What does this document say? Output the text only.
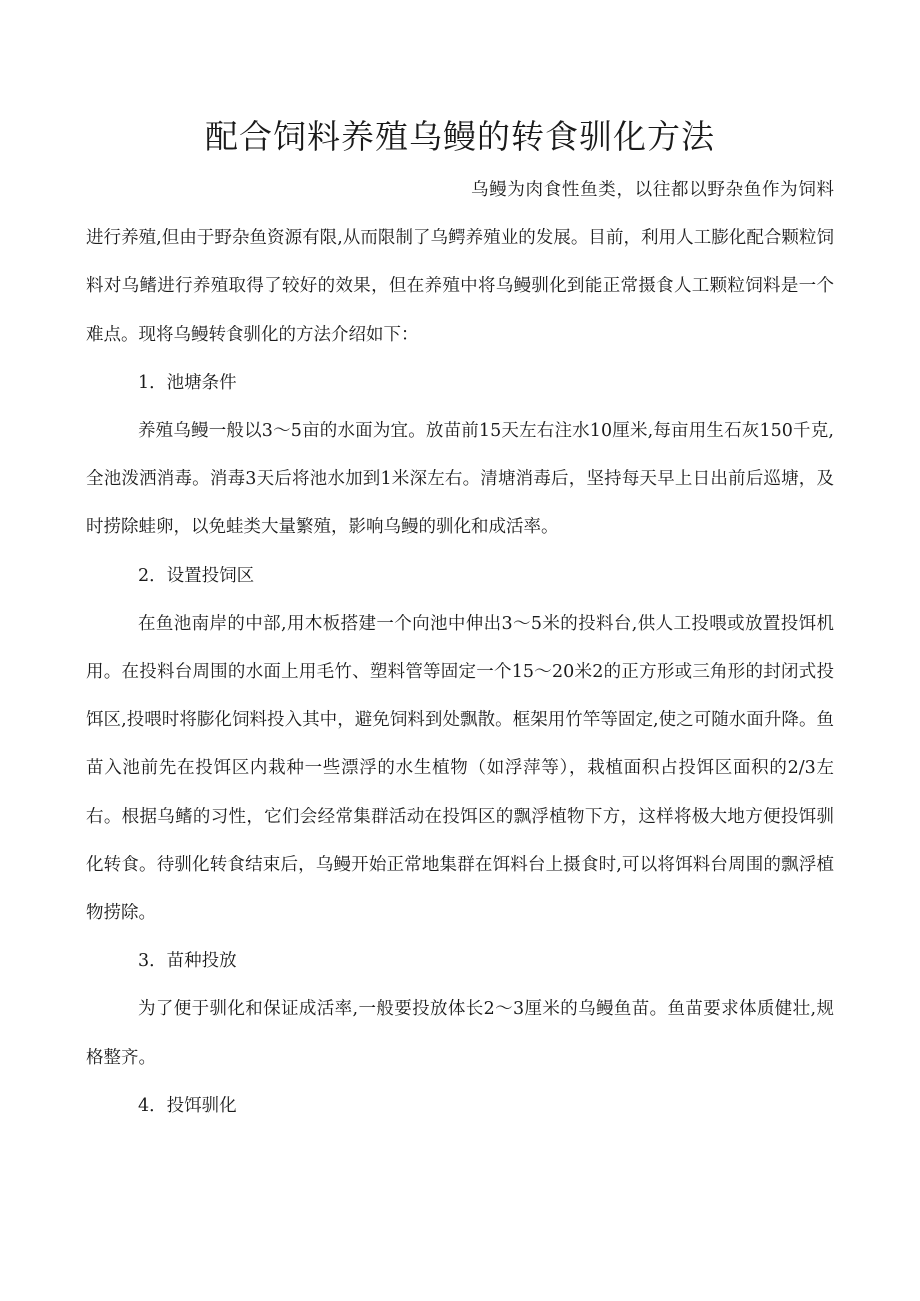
配合饲料养殖乌鳗的转食驯化方法

乌鳗为肉食性鱼类，以往都以野杂鱼作为饲料进行养殖,但由于野杂鱼资源有限,从而限制了乌鳄养殖业的发展。目前，利用人工膨化配合颗粒饲料对乌鳍进行养殖取得了较好的效果，但在养殖中将乌鳗驯化到能正常摄食人工颗粒饲料是一个难点。现将乌鳗转食驯化的方法介绍如下：

1．池塘条件

养殖乌鳗一般以3～5亩的水面为宜。放苗前15天左右注水10厘米,每亩用生石灰150千克,全池泼洒消毒。消毒3天后将池水加到1米深左右。清塘消毒后，坚持每天早上日出前后巡塘，及时捞除蛙卵，以免蛙类大量繁殖，影响乌鳗的驯化和成活率。

2．设置投饲区

在鱼池南岸的中部,用木板搭建一个向池中伸出3～5米的投料台,供人工投喂或放置投饵机用。在投料台周围的水面上用毛竹、塑料管等固定一个15～20米2的正方形或三角形的封闭式投饵区,投喂时将膨化饲料投入其中，避免饲料到处飘散。框架用竹竿等固定,使之可随水面升降。鱼苗入池前先在投饵区内栽种一些漂浮的水生植物（如浮萍等），栽植面积占投饵区面积的2/3左右。根据乌鳍的习性，它们会经常集群活动在投饵区的飘浮植物下方，这样将极大地方便投饵驯化转食。待驯化转食结束后，乌鳗开始正常地集群在饵料台上摄食时,可以将饵料台周围的飘浮植物捞除。

3．苗种投放

为了便于驯化和保证成活率,一般要投放体长2～3厘米的乌鳗鱼苗。鱼苗要求体质健壮,规格整齐。

4．投饵驯化
